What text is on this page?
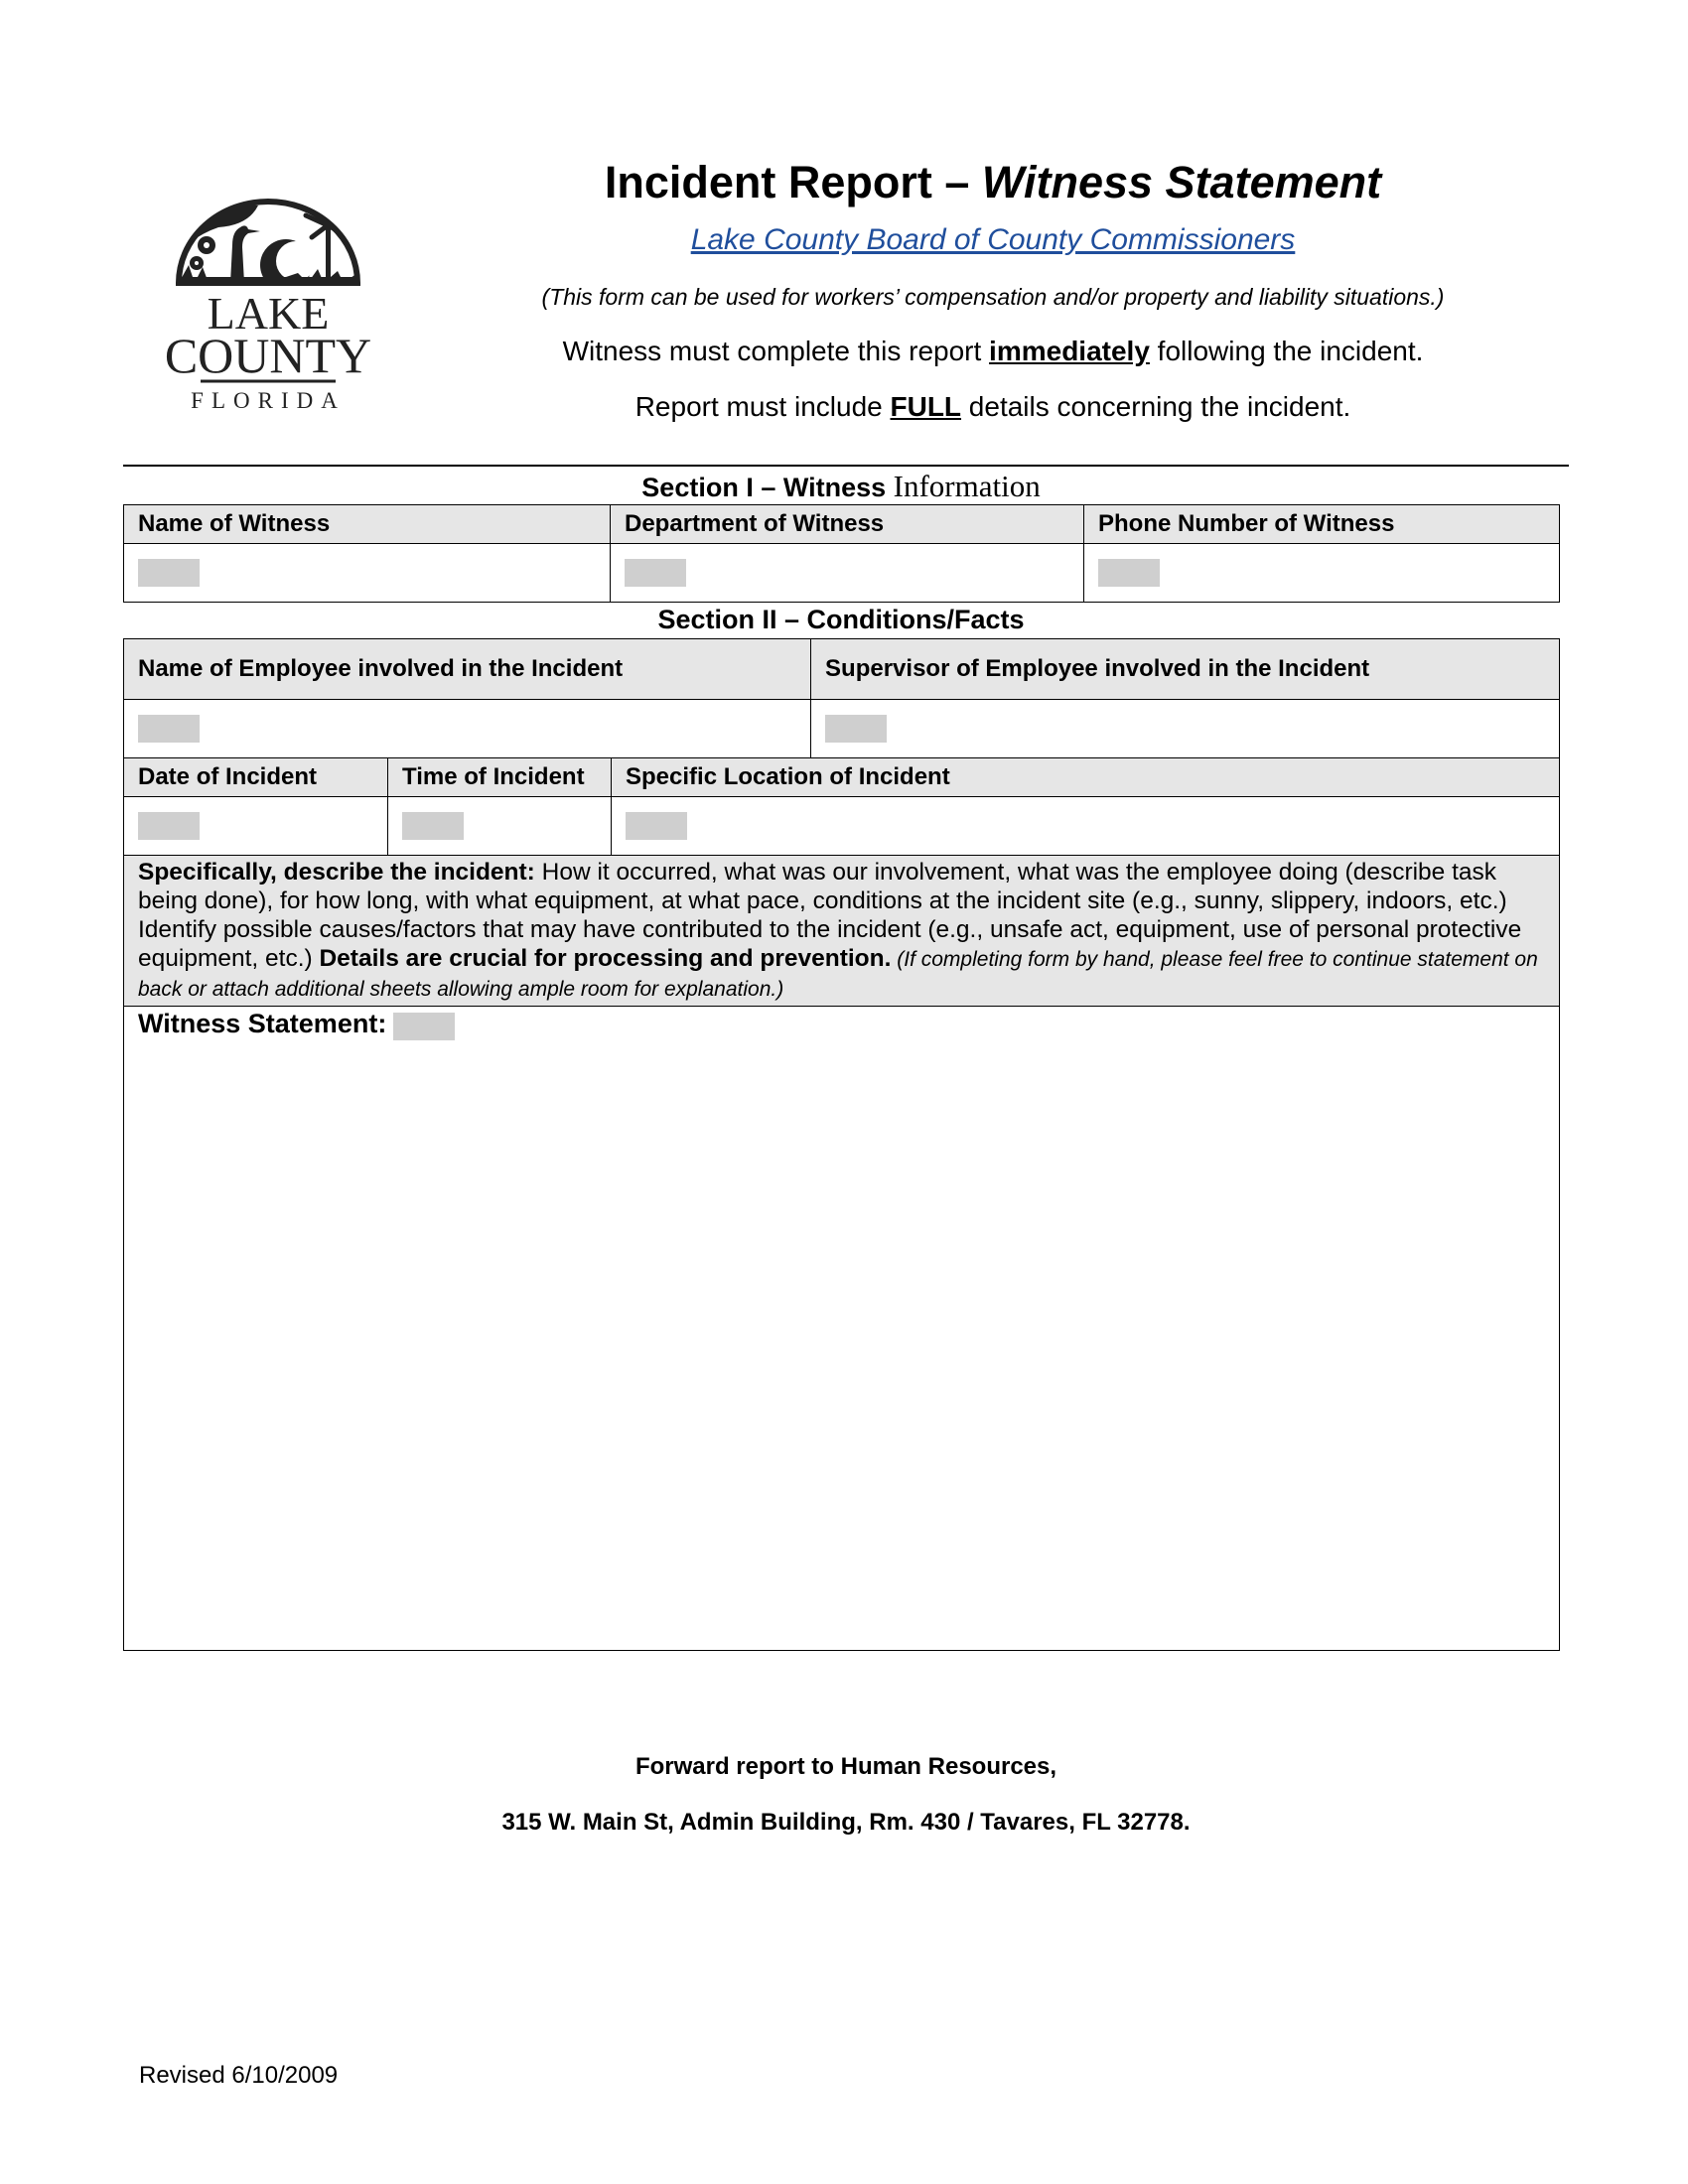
LAKE
COUNTY
FLORIDA
Incident Report – Witness Statement
Lake County Board of County Commissioners
(This form can be used for workers’ compensation and/or property and liability situations.)
Witness must complete this report immediately following the incident.
Report must include FULL details concerning the incident.
Section I – Witness Information
Name of Witness	Department of Witness	Phone Number of Witness

Section II – Conditions/Facts
Name of Employee involved in the Incident			Supervisor of Employee involved in the Incident

Date of Incident	Time of Incident	Specific Location of Incident	

Specifically, describe the incident: How it occurred, what was our involvement, what was the employee doing (describe task being done), for how long, with what equipment, at what pace, conditions at the incident site (e.g., sunny, slippery, indoors, etc.) Identify possible causes/factors that may have contributed to the incident (e.g., unsafe act, equipment, use of personal protective equipment, etc.) Details are crucial for processing and prevention. (If completing form by hand, please feel free to continue statement on back or attach additional sheets allowing ample room for explanation.)			
Witness Statement:			
Forward report to Human Resources,
315 W. Main St, Admin Building, Rm. 430 / Tavares, FL 32778.
Revised 6/10/2009
